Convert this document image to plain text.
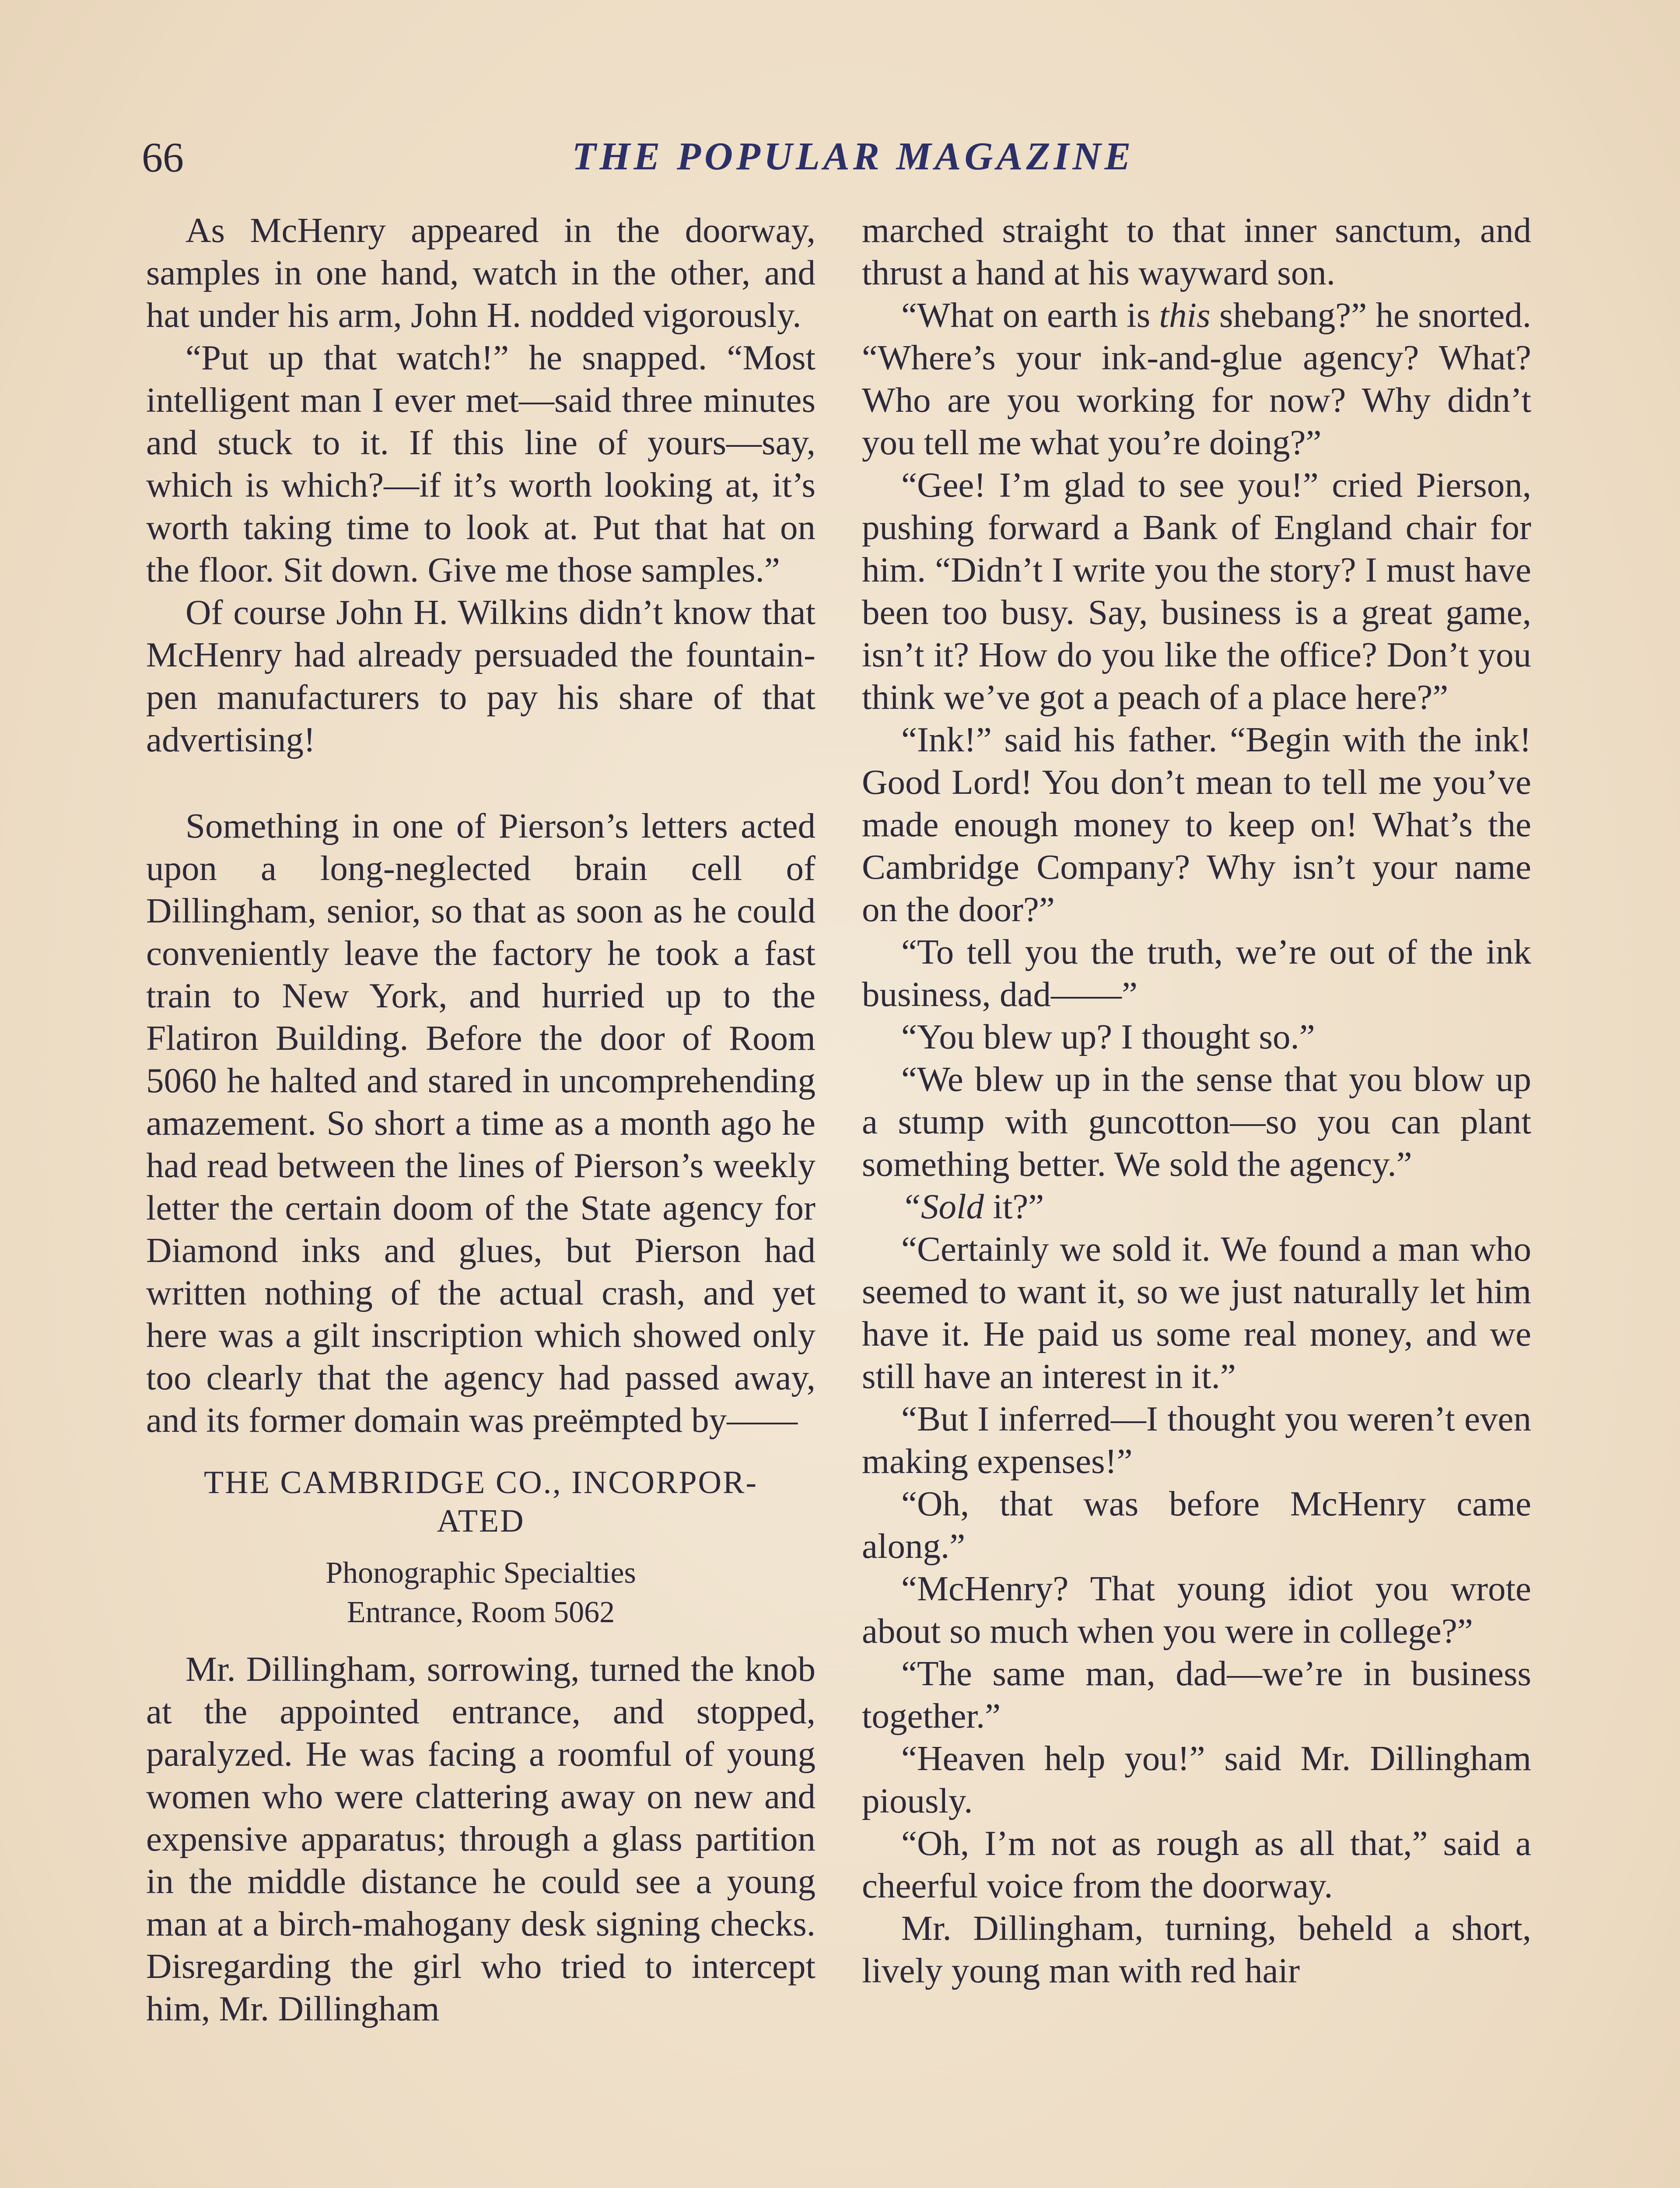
66	THE POPULAR MAGAZINE

As McHenry appeared in the doorway, samples in one hand, watch in the other, and hat under his arm, John H. nodded vigorously.

“Put up that watch!” he snapped. “Most intelligent man I ever met—said three minutes and stuck to it. If this line of yours—say, which is which?—if it’s worth looking at, it’s worth taking time to look at. Put that hat on the floor. Sit down. Give me those samples.”

Of course John H. Wilkins didn’t know that McHenry had already persuaded the fountain-pen manufacturers to pay his share of that advertising!

Something in one of Pierson’s letters acted upon a long-neglected brain cell of Dillingham, senior, so that as soon as he could conveniently leave the factory he took a fast train to New York, and hurried up to the Flatiron Building. Before the door of Room 5060 he halted and stared in uncomprehending amazement. So short a time as a month ago he had read between the lines of Pierson’s weekly letter the certain doom of the State agency for Diamond inks and glues, but Pierson had written nothing of the actual crash, and yet here was a gilt inscription which showed only too clearly that the agency had passed away, and its former domain was preëmpted by——

THE CAMBRIDGE CO., INCORPOR-
ATED
Phonographic Specialties
Entrance, Room 5062

Mr. Dillingham, sorrowing, turned the knob at the appointed entrance, and stopped, paralyzed. He was facing a roomful of young women who were clattering away on new and expensive apparatus; through a glass partition in the middle distance he could see a young man at a birch-mahogany desk signing checks. Disregarding the girl who tried to intercept him, Mr. Dillingham

marched straight to that inner sanctum, and thrust a hand at his wayward son.

“What on earth is this shebang?” he snorted. “Where’s your ink-and-glue agency? What? Who are you working for now? Why didn’t you tell me what you’re doing?”

“Gee! I’m glad to see you!” cried Pierson, pushing forward a Bank of England chair for him. “Didn’t I write you the story? I must have been too busy. Say, business is a great game, isn’t it? How do you like the office? Don’t you think we’ve got a peach of a place here?”

“Ink!” said his father. “Begin with the ink! Good Lord! You don’t mean to tell me you’ve made enough money to keep on! What’s the Cambridge Company? Why isn’t your name on the door?”

“To tell you the truth, we’re out of the ink business, dad——”

“You blew up? I thought so.”

“We blew up in the sense that you blow up a stump with guncotton—so you can plant something better. We sold the agency.”

“Sold it?”

“Certainly we sold it. We found a man who seemed to want it, so we just naturally let him have it. He paid us some real money, and we still have an interest in it.”

“But I inferred—I thought you weren’t even making expenses!”

“Oh, that was before McHenry came along.”

“McHenry? That young idiot you wrote about so much when you were in college?”

“The same man, dad—we’re in business together.”

“Heaven help you!” said Mr. Dillingham piously.

“Oh, I’m not as rough as all that,” said a cheerful voice from the doorway.

Mr. Dillingham, turning, beheld a short, lively young man with red hair
